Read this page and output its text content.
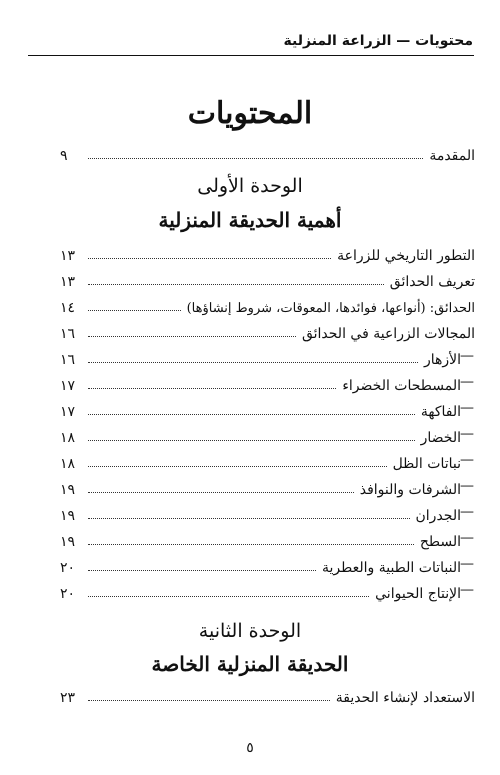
محتويات — الزراعة المنزلية
المحتويات
المقدمة
٩
الوحدة الأولى
أهمية الحديقة المنزلية
التطور التاريخي للزراعة
١٣
تعريف الحدائق
١٣
الحدائق: (أنواعها، فوائدها، المعوقات، شروط إنشاؤها)
١٤
المجالات الزراعية في الحدائق
١٦
—
الأزهار
١٦
—
المسطحات الخضراء
١٧
—
الفاكهة
١٧
—
الخضار
١٨
—
نباتات الظل
١٨
—
الشرفات والنوافذ
١٩
—
الجدران
١٩
—
السطح
١٩
—
النباتات الطبية والعطرية
٢٠
—
الإنتاج الحيواني
٢٠
الوحدة الثانية
الحديقة المنزلية الخاصة
الاستعداد لإنشاء الحديقة
٢٣
٥
